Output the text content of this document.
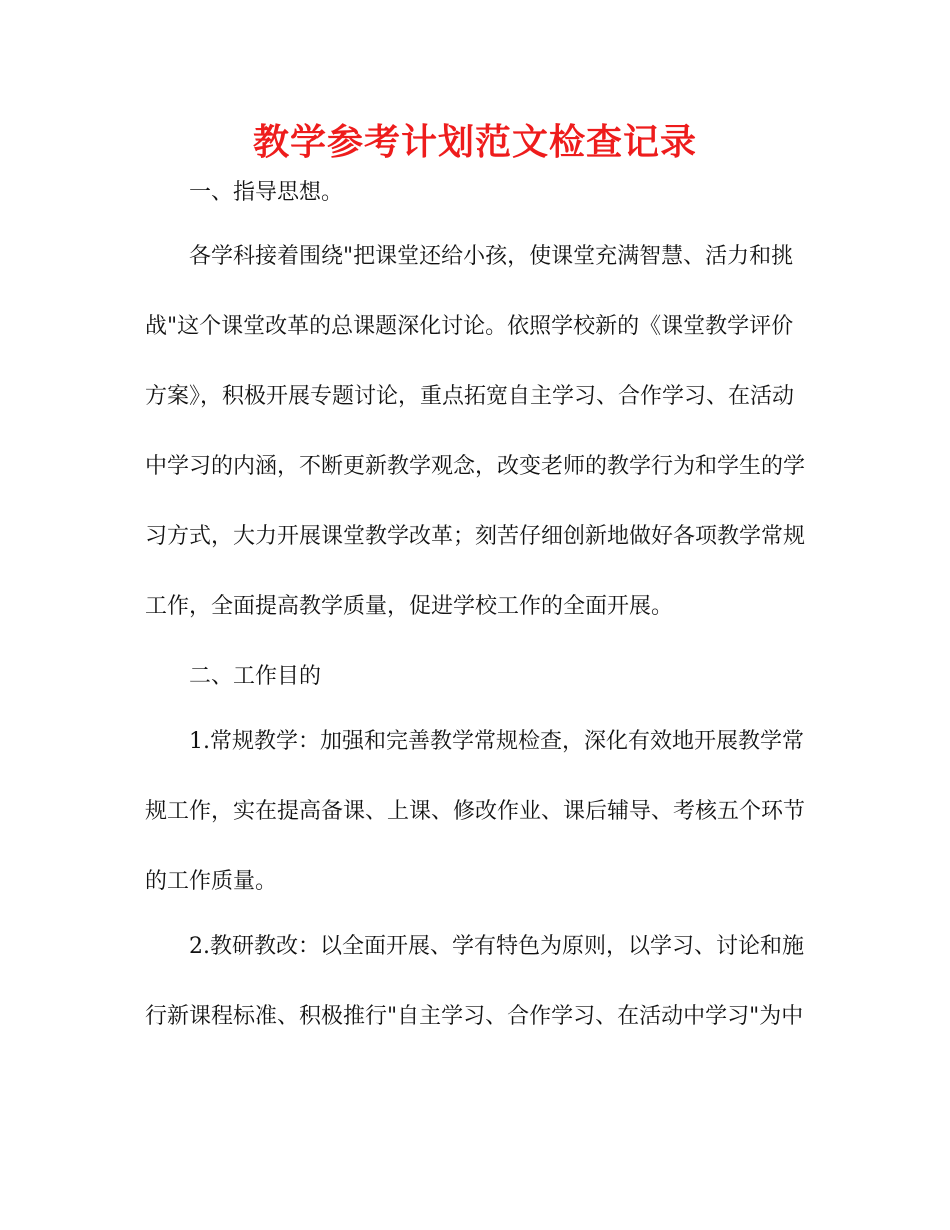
教学参考计划范文检查记录

一、指导思想。

各学科接着围绕"把课堂还给小孩，使课堂充满智慧、活力和挑

战"这个课堂改革的总课题深化讨论。依照学校新的《课堂教学评价

方案》，积极开展专题讨论，重点拓宽自主学习、合作学习、在活动

中学习的内涵，不断更新教学观念，改变老师的教学行为和学生的学

习方式，大力开展课堂教学改革；刻苦仔细创新地做好各项教学常规

工作，全面提高教学质量，促进学校工作的全面开展。

二、工作目的

1.常规教学：加强和完善教学常规检查，深化有效地开展教学常

规工作，实在提高备课、上课、修改作业、课后辅导、考核五个环节

的工作质量。

2.教研教改：以全面开展、学有特色为原则，以学习、讨论和施

行新课程标准、积极推行"自主学习、合作学习、在活动中学习"为中
